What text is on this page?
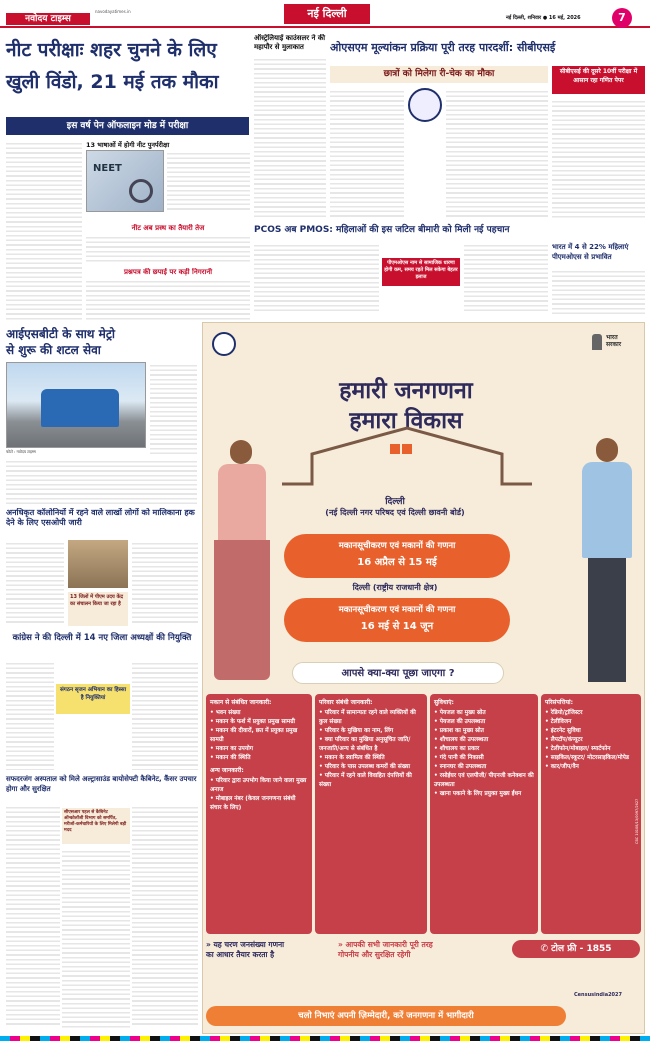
नवोदय टाइम्स
navodayatimes.in	नई दिल्ली	नई दिल्ली, शनिवार ● 16 मई, 2026	7
नीट परीक्षाः शहर चुनने के लिए
खुली विंडो, 21 मई तक मौका
इस वर्ष पेन ऑफलाइन मोड में परीक्षा
13 भाषाओं में होगी नीट पुनर्परीक्षा
NEET
नीट अब प्रस्थ का तैयारी तेज
प्रश्नपत्र की छपाई पर कड़ी निगरानी
ऑस्ट्रेलियाई काउंसलर ने की महापौर से मुलाकात	ओएसएम मूल्यांकन प्रक्रिया पूरी तरह पारदर्शी: सीबीएसई
छात्रों को मिलेगा री-चेक का मौका	सीबीएसई की दूसरे 10वीं परीक्षा में आसान रहा गणित पेपर
PCOS अब PMOS: महिलाओं की इस जटिल बीमारी को मिली नई पहचान
पीएमओएस नाम से सामाजिक धारणा होगी कम, समय रहते मिल सकेगा बेहतर इलाज
भारत में 4 से 22% महिलाएं पीएमओएस से प्रभावित
आईएसबीटी के साथ मेट्रो
से शुरू की शटल सेवा
फोटो : नवोदय टाइम्स
अनधिकृत कॉलोनियों में रहने वाले लाखों लोगों को मालिकाना हक देने के लिए एसओपी जारी
13 जिलों में पीएम उदय केंद्र का संचालन किया जा रहा है
कांग्रेस ने की दिल्ली में 14 नए जिला अध्यक्षों की नियुक्ति
संगठन सृजन अभियान का हिस्सा है नियुक्तियां
सफदरजंग अस्पताल को मिले अल्ट्रासाउंड बायोसेफ्टी कैबिनेट, कैंसर उपचार होगा और सुरक्षित
सीएसआर पहल से कैबिनेट ऑन्कोलॉजी विभाग को समर्पित, मरीजों-कर्मचारियों के लिए मिलेगी बड़ी मदद
भारत
सरकार
हमारी जनगणना
हमारा विकास
दिल्ली
(नई दिल्ली नगर परिषद एवं दिल्ली छावनी बोर्ड)
मकानसूचीकरण एवं मकानों की गणना
16 अप्रैल से 15 मई
दिल्ली (राष्ट्रीय राजधानी क्षेत्र)
मकानसूचीकरण एवं मकानों की गणना
16 मई से 14 जून
आपसे क्या-क्या पूछा जाएगा ?
मकान से संबंधित जानकारी:
• भवन संख्या
• मकान के फर्श में प्रयुक्त प्रमुख सामग्री
• मकान की दीवारों, छत में प्रयुक्त प्रमुख सामग्री
• मकान का उपयोग
• मकान की स्थिति
अन्य जानकारी:
• परिवार द्वारा उपभोग किया जाने वाला मुख्य अनाज
• मोबाइल नंबर (केवल जनगणना संबंधी संचार के लिए)
परिवार संबंधी जानकारी:
• परिवार में सामान्यतः रहने वाले व्यक्तियों की कुल संख्या
• परिवार के मुखिया का नाम, लिंग
• क्या परिवार का मुखिया अनुसूचित जाति/जनजाति/अन्य से संबंधित है
• मकान के स्वामित्व की स्थिति
• परिवार के पास उपलब्ध कमरों की संख्या
• परिवार में रहने वाले विवाहित दंपत्तियों की संख्या
सुविधाएं:
• पेयजल का मुख्य स्रोत
• पेयजल की उपलब्धता
• प्रकाश का मुख्य स्रोत
• शौचालय की उपलब्धता
• शौचालय का प्रकार
• गंदे पानी की निकासी
• स्नानघर की उपलब्धता
• रसोईघर एवं एलपीजी/ पीएनजी कनेक्शन की उपलब्धता
• खाना पकाने के लिए प्रयुक्त मुख्य ईंधन
परिसंपत्तियां:
• रेडियो/ट्रांजिस्टर
• टेलीविजन
• इंटरनेट सुविधा
• लैपटॉप/कंप्यूटर
• टेलीफोन/मोबाइल/ स्मार्टफोन
• साइकिल/स्कूटर/ मोटरसाइकिल/मोपेड
• कार/जीप/वैन
CBC 10108/13/0097/2627
» यह चरण जनसंख्या गणना
का आधार तैयार करता है
» आपकी सभी जानकारी पूरी तरह
गोपनीय और सुरक्षित रहेगी
✆ टोल फ्री - 1855
Censusindia2027
चलो निभाएं अपनी ज़िम्मेदारी, करें जनगणना में भागीदारी
